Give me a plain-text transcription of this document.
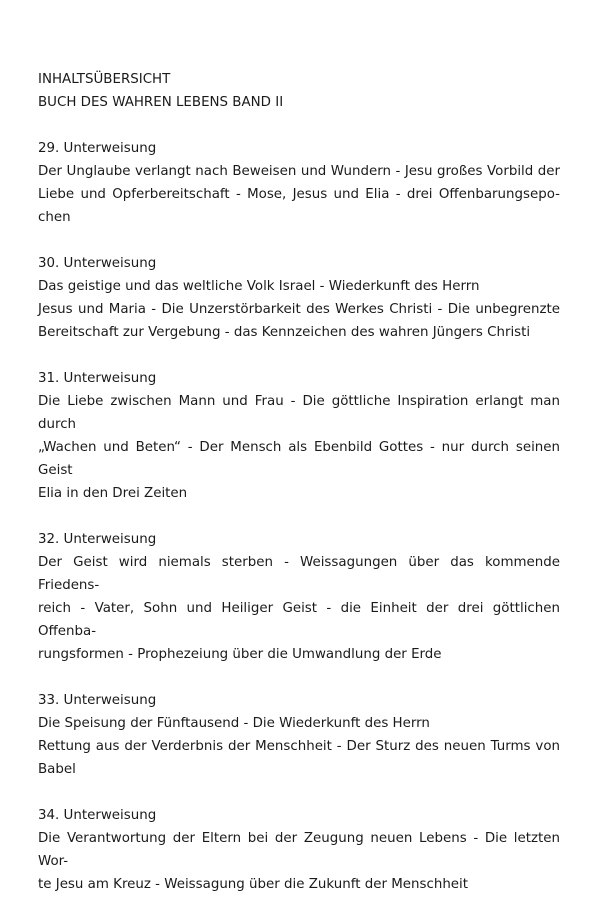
INHALTSÜBERSICHT
BUCH DES WAHREN LEBENS BAND II
29. Unterweisung
Der Unglaube verlangt nach Beweisen und Wundern - Jesu großes Vorbild der
Liebe und Opferbereitschaft - Mose, Jesus und Elia - drei Offenbarungsepo-
chen
30. Unterweisung
Das geistige und das weltliche Volk Israel - Wiederkunft des Herrn
Jesus und Maria - Die Unzerstörbarkeit des Werkes Christi - Die unbegrenzte
Bereitschaft zur Vergebung - das Kennzeichen des wahren Jüngers Christi
31. Unterweisung
Die Liebe zwischen Mann und Frau - Die göttliche Inspiration erlangt man durch
„Wachen und Beten“ - Der Mensch als Ebenbild Gottes - nur durch seinen Geist
Elia in den Drei Zeiten
32. Unterweisung
Der Geist wird niemals sterben - Weissagungen über das kommende Friedens-
reich - Vater, Sohn und Heiliger Geist - die Einheit der drei göttlichen Offenba-
rungsformen - Prophezeiung über die Umwandlung der Erde
33. Unterweisung
Die Speisung der Fünftausend - Die Wiederkunft des Herrn
Rettung aus der Verderbnis der Menschheit - Der Sturz des neuen Turms von
Babel
34. Unterweisung
Die Verantwortung der Eltern bei der Zeugung neuen Lebens - Die letzten Wor-
te Jesu am Kreuz - Weissagung über die Zukunft der Menschheit
